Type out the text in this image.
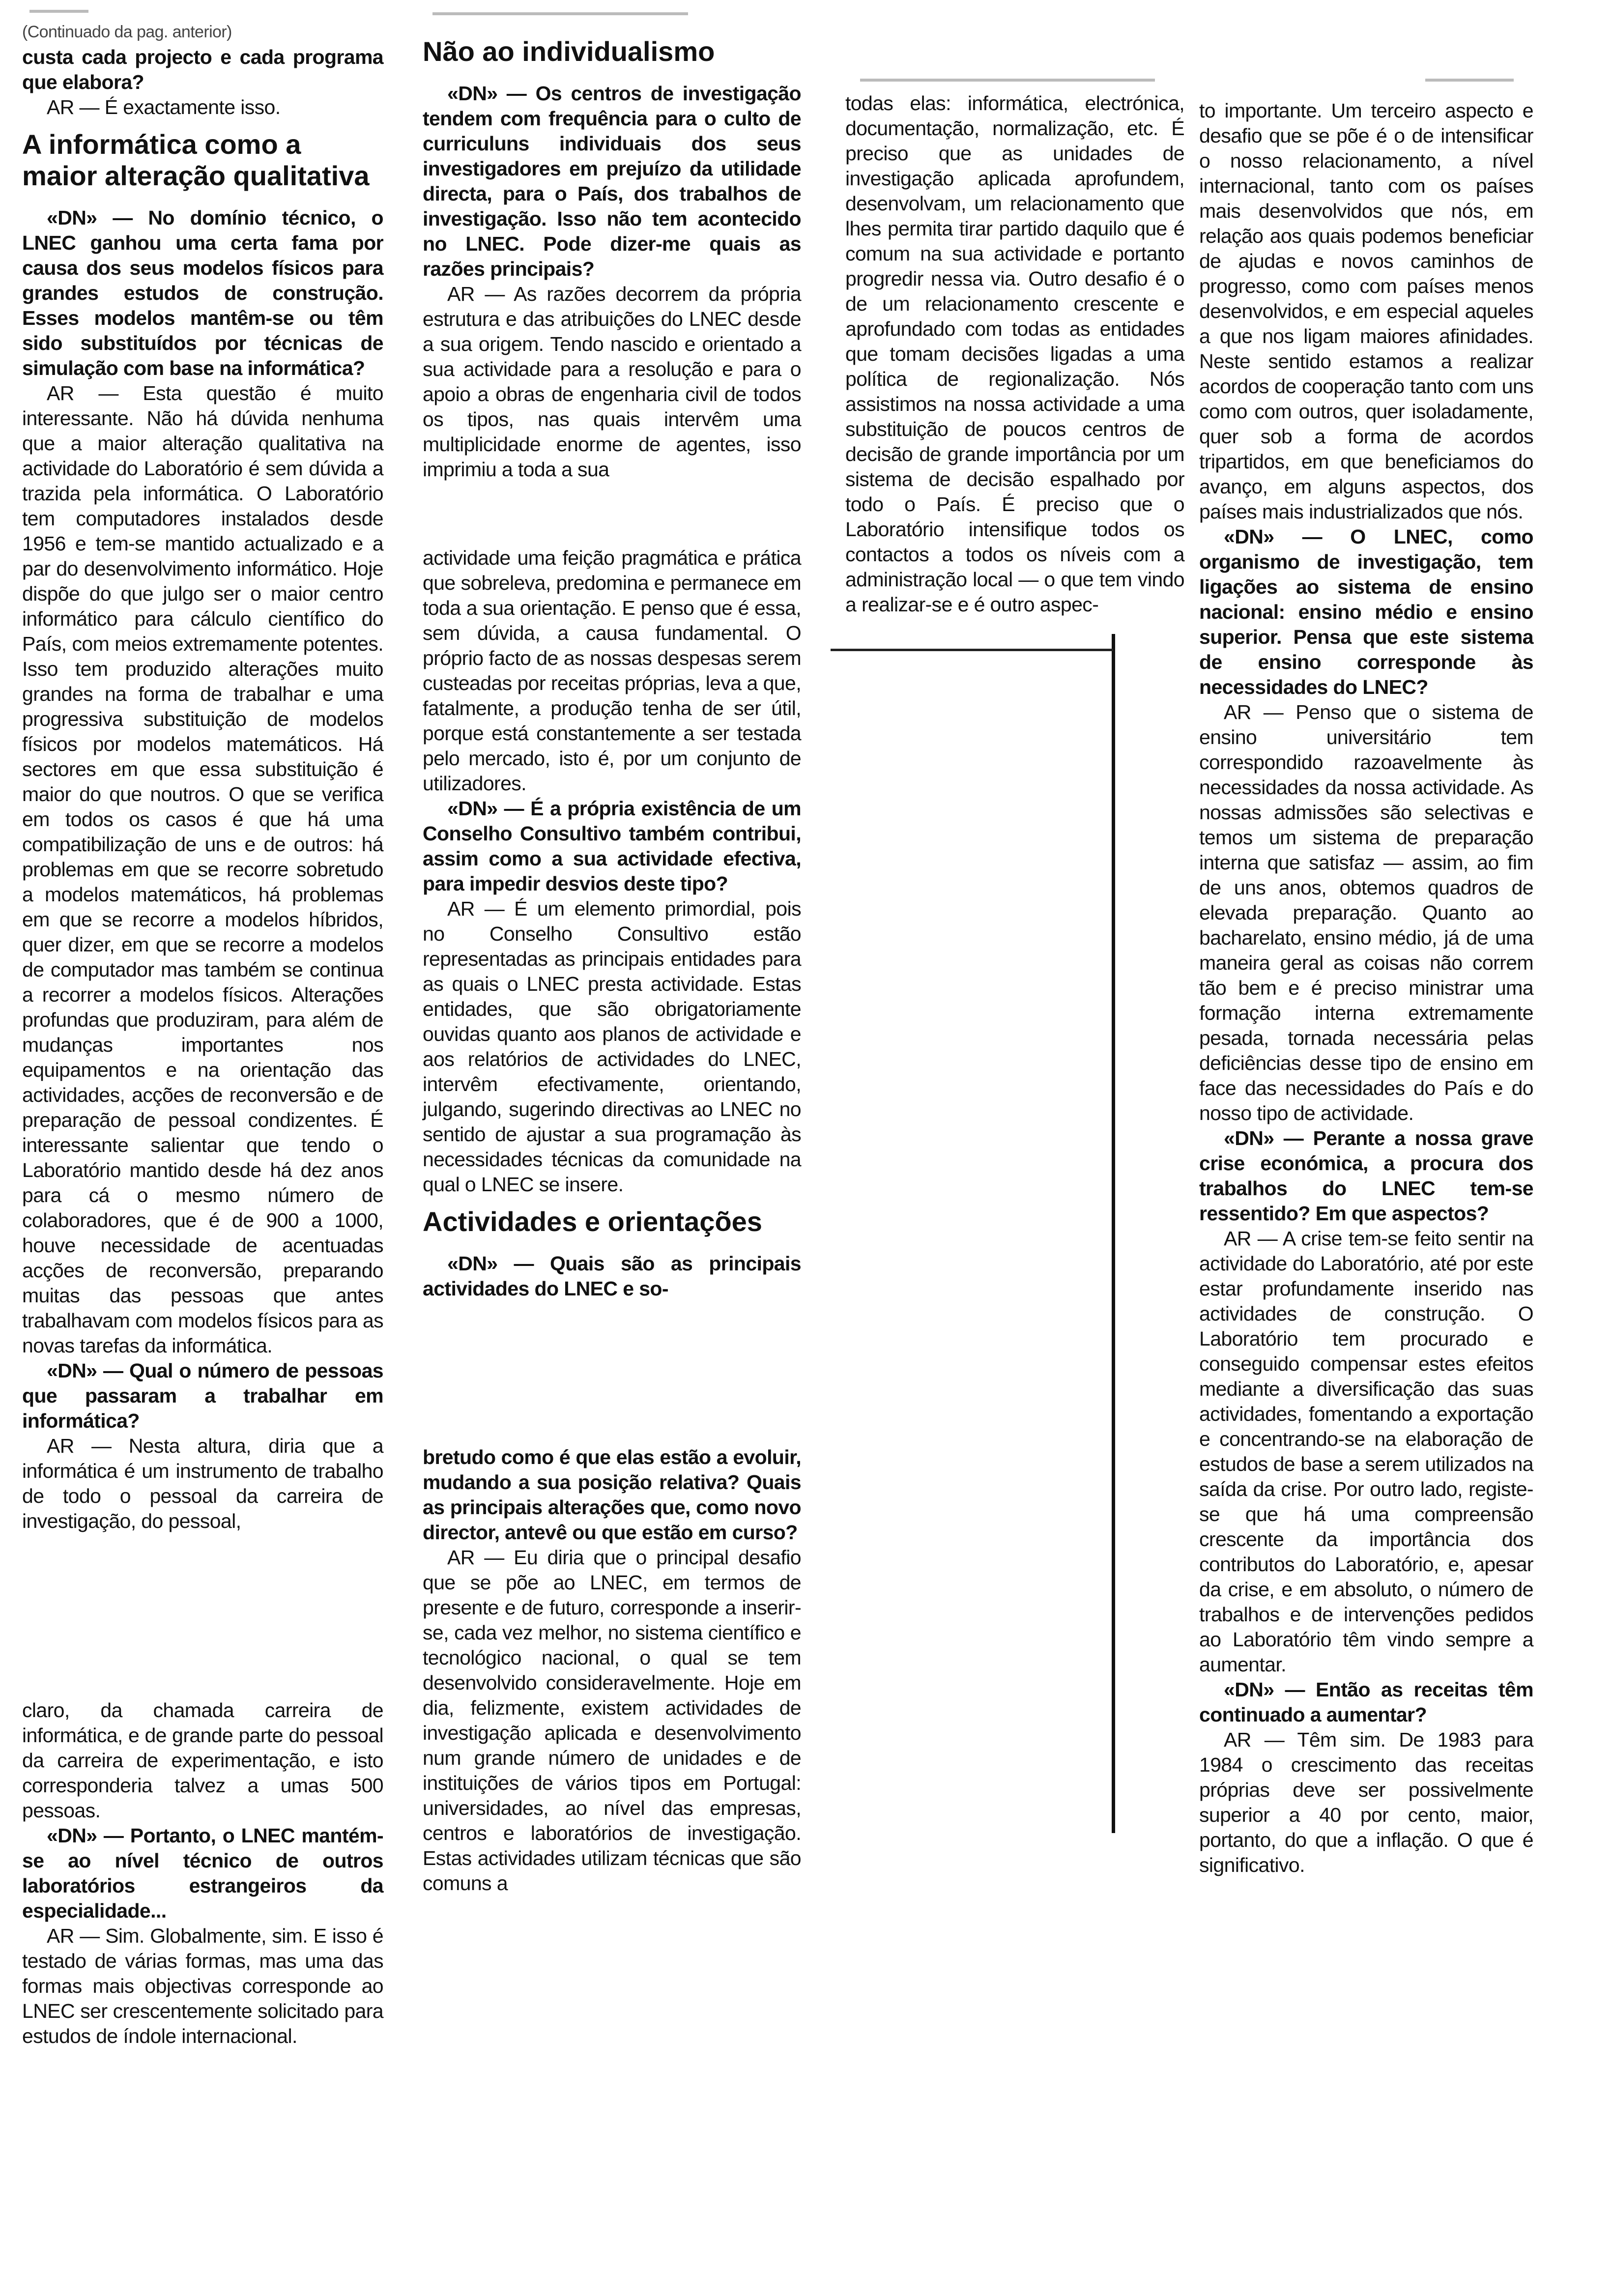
(Continuado da pag. anterior)

custa cada projecto e cada programa que elabora?

AR — É exactamente isso.

A informática como a maior alteração qualitativa

«DN» — No domínio técnico, o LNEC ganhou uma certa fama por causa dos seus modelos físicos para grandes estudos de construção. Esses modelos mantêm-se ou têm sido substituídos por técnicas de simulação com base na informática?

AR — Esta questão é muito interessante. Não há dúvida nenhuma que a maior alteração qualitativa na actividade do Laboratório é sem dúvida a trazida pela informática. O Laboratório tem computadores instalados desde 1956 e tem-se mantido actualizado e a par do desenvolvimento informático. Hoje dispõe do que julgo ser o maior centro informático para cálculo científico do País, com meios extremamente potentes. Isso tem produzido alterações muito grandes na forma de trabalhar e uma progressiva substituição de modelos físicos por modelos matemáticos. Há sectores em que essa substituição é maior do que noutros. O que se verifica em todos os casos é que há uma compatibilização de uns e de outros: há problemas em que se recorre sobretudo a modelos matemáticos, há problemas em que se recorre a modelos híbridos, quer dizer, em que se recorre a modelos de computador mas também se continua a recorrer a modelos físicos. Alterações profundas que produziram, para além de mudanças importantes nos equipamentos e na orientação das actividades, acções de reconversão e de preparação de pessoal condizentes. É interessante salientar que tendo o Laboratório mantido desde há dez anos para cá o mesmo número de colaboradores, que é de 900 a 1000, houve necessidade de acentuadas acções de reconversão, preparando muitas das pessoas que antes trabalhavam com modelos físicos para as novas tarefas da informática.

«DN» — Qual o número de pessoas que passaram a trabalhar em informática?

AR — Nesta altura, diria que a informática é um instrumento de trabalho de todo o pessoal da carreira de investigação, do pessoal,

claro, da chamada carreira de informática, e de grande parte do pessoal da carreira de experimentação, e isto corresponderia talvez a umas 500 pessoas.

«DN» — Portanto, o LNEC mantém-se ao nível técnico de outros laboratórios estrangeiros da especialidade...

AR — Sim. Globalmente, sim. E isso é testado de várias formas, mas uma das formas mais objectivas corresponde ao LNEC ser crescentemente solicitado para estudos de índole internacional.

Não ao individualismo

«DN» — Os centros de investigação tendem com frequência para o culto de curriculuns individuais dos seus investigadores em prejuízo da utilidade directa, para o País, dos trabalhos de investigação. Isso não tem acontecido no LNEC. Pode dizer-me quais as razões principais?

AR — As razões decorrem da própria estrutura e das atribuições do LNEC desde a sua origem. Tendo nascido e orientado a sua actividade para a resolução e para o apoio a obras de engenharia civil de todos os tipos, nas quais intervêm uma multiplicidade enorme de agentes, isso imprimiu a toda a sua

actividade uma feição pragmática e prática que sobreleva, predomina e permanece em toda a sua orientação. E penso que é essa, sem dúvida, a causa fundamental. O próprio facto de as nossas despesas serem custeadas por receitas próprias, leva a que, fatalmente, a produção tenha de ser útil, porque está constantemente a ser testada pelo mercado, isto é, por um conjunto de utilizadores.

«DN» — É a própria existência de um Conselho Consultivo também contribui, assim como a sua actividade efectiva, para impedir desvios deste tipo?

AR — É um elemento primordial, pois no Conselho Consultivo estão representadas as principais entidades para as quais o LNEC presta actividade. Estas entidades, que são obrigatoriamente ouvidas quanto aos planos de actividade e aos relatórios de actividades do LNEC, intervêm efectivamente, orientando, julgando, sugerindo directivas ao LNEC no sentido de ajustar a sua programação às necessidades técnicas da comunidade na qual o LNEC se insere.

Actividades e orientações

«DN» — Quais são as principais actividades do LNEC e so-

bretudo como é que elas estão a evoluir, mudando a sua posição relativa? Quais as principais alterações que, como novo director, antevê ou que estão em curso?

AR — Eu diria que o principal desafio que se põe ao LNEC, em termos de presente e de futuro, corresponde a inserir-se, cada vez melhor, no sistema científico e tecnológico nacional, o qual se tem desenvolvido consideravelmente. Hoje em dia, felizmente, existem actividades de investigação aplicada e desenvolvimento num grande número de unidades e de instituições de vários tipos em Portugal: universidades, ao nível das empresas, centros e laboratórios de investigação. Estas actividades utilizam técnicas que são comuns a

todas elas: informática, electrónica, documentação, normalização, etc. É preciso que as unidades de investigação aplicada aprofundem, desenvolvam, um relacionamento que lhes permita tirar partido daquilo que é comum na sua actividade e portanto progredir nessa via. Outro desafio é o de um relacionamento crescente e aprofundado com todas as entidades que tomam decisões ligadas a uma política de regionalização. Nós assistimos na nossa actividade a uma substituição de poucos centros de decisão de grande importância por um sistema de decisão espalhado por todo o País. É preciso que o Laboratório intensifique todos os contactos a todos os níveis com a administração local — o que tem vindo a realizar-se e é outro aspec-

to importante. Um terceiro aspecto e desafio que se põe é o de intensificar o nosso relacionamento, a nível internacional, tanto com os países mais desenvolvidos que nós, em relação aos quais podemos beneficiar de ajudas e novos caminhos de progresso, como com países menos desenvolvidos, e em especial aqueles a que nos ligam maiores afinidades. Neste sentido estamos a realizar acordos de cooperação tanto com uns como com outros, quer isoladamente, quer sob a forma de acordos tripartidos, em que beneficiamos do avanço, em alguns aspectos, dos países mais industrializados que nós.

«DN» — O LNEC, como organismo de investigação, tem ligações ao sistema de ensino nacional: ensino médio e ensino superior. Pensa que este sistema de ensino corresponde às necessidades do LNEC?

AR — Penso que o sistema de ensino universitário tem correspondido razoavelmente às necessidades da nossa actividade. As nossas admissões são selectivas e temos um sistema de preparação interna que satisfaz — assim, ao fim de uns anos, obtemos quadros de elevada preparação. Quanto ao bacharelato, ensino médio, já de uma maneira geral as coisas não correm tão bem e é preciso ministrar uma formação interna extremamente pesada, tornada necessária pelas deficiências desse tipo de ensino em face das necessidades do País e do nosso tipo de actividade.

«DN» — Perante a nossa grave crise económica, a procura dos trabalhos do LNEC tem-se ressentido? Em que aspectos?

AR — A crise tem-se feito sentir na actividade do Laboratório, até por este estar profundamente inserido nas actividades de construção. O Laboratório tem procurado e conseguido compensar estes efeitos mediante a diversificação das suas actividades, fomentando a exportação e concentrando-se na elaboração de estudos de base a serem utilizados na saída da crise. Por outro lado, registe-se que há uma compreensão crescente da importância dos contributos do Laboratório, e, apesar da crise, e em absoluto, o número de trabalhos e de intervenções pedidos ao Laboratório têm vindo sempre a aumentar.

«DN» — Então as receitas têm continuado a aumentar?

AR — Têm sim. De 1983 para 1984 o crescimento das receitas próprias deve ser possivelmente superior a 40 por cento, maior, portanto, do que a inflação. O que é significativo.
